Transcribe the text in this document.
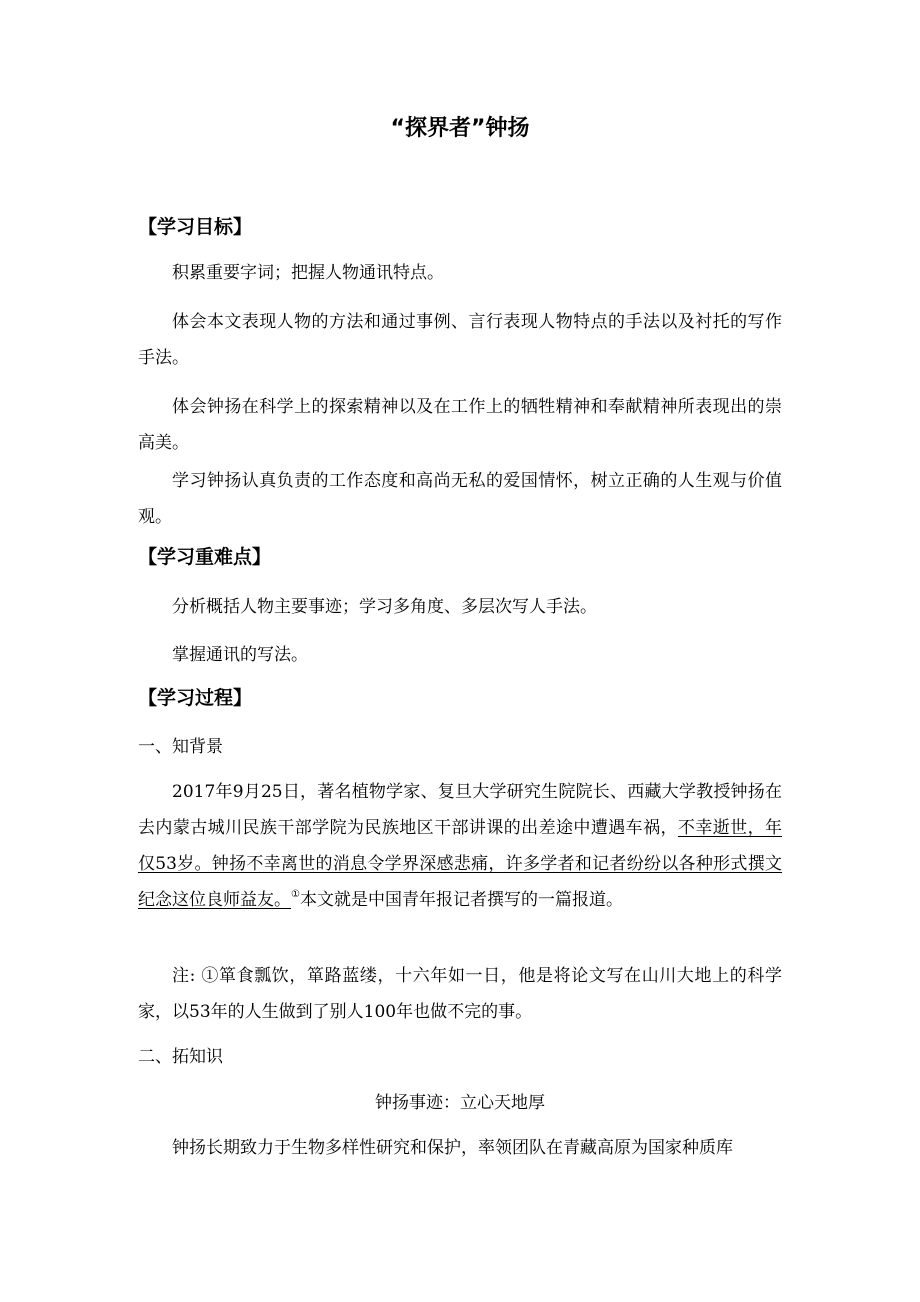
“探界者”钟扬
【学习目标】
积累重要字词；把握人物通讯特点。
体会本文表现人物的方法和通过事例、言行表现人物特点的手法以及衬托的写作手法。
体会钟扬在科学上的探索精神以及在工作上的牺牲精神和奉献精神所表现出的崇高美。
学习钟扬认真负责的工作态度和高尚无私的爱国情怀，树立正确的人生观与价值观。
【学习重难点】
分析概括人物主要事迹；学习多角度、多层次写人手法。
掌握通讯的写法。
【学习过程】
一、知背景
2017年9月25日，著名植物学家、复旦大学研究生院院长、西藏大学教授钟扬在去内蒙古城川民族干部学院为民族地区干部讲课的出差途中遭遇车祸，不幸逝世，年仅53岁。钟扬不幸离世的消息令学界深感悲痛，许多学者和记者纷纷以各种形式撰文纪念这位良师益友。①本文就是中国青年报记者撰写的一篇报道。
注: ①箪食瓢饮，箪路蓝缕，十六年如一日，他是将论文写在山川大地上的科学家，以53年的人生做到了别人100年也做不完的事。
二、拓知识
钟扬事迹：立心天地厚
钟扬长期致力于生物多样性研究和保护，率领团队在青藏高原为国家种质库
